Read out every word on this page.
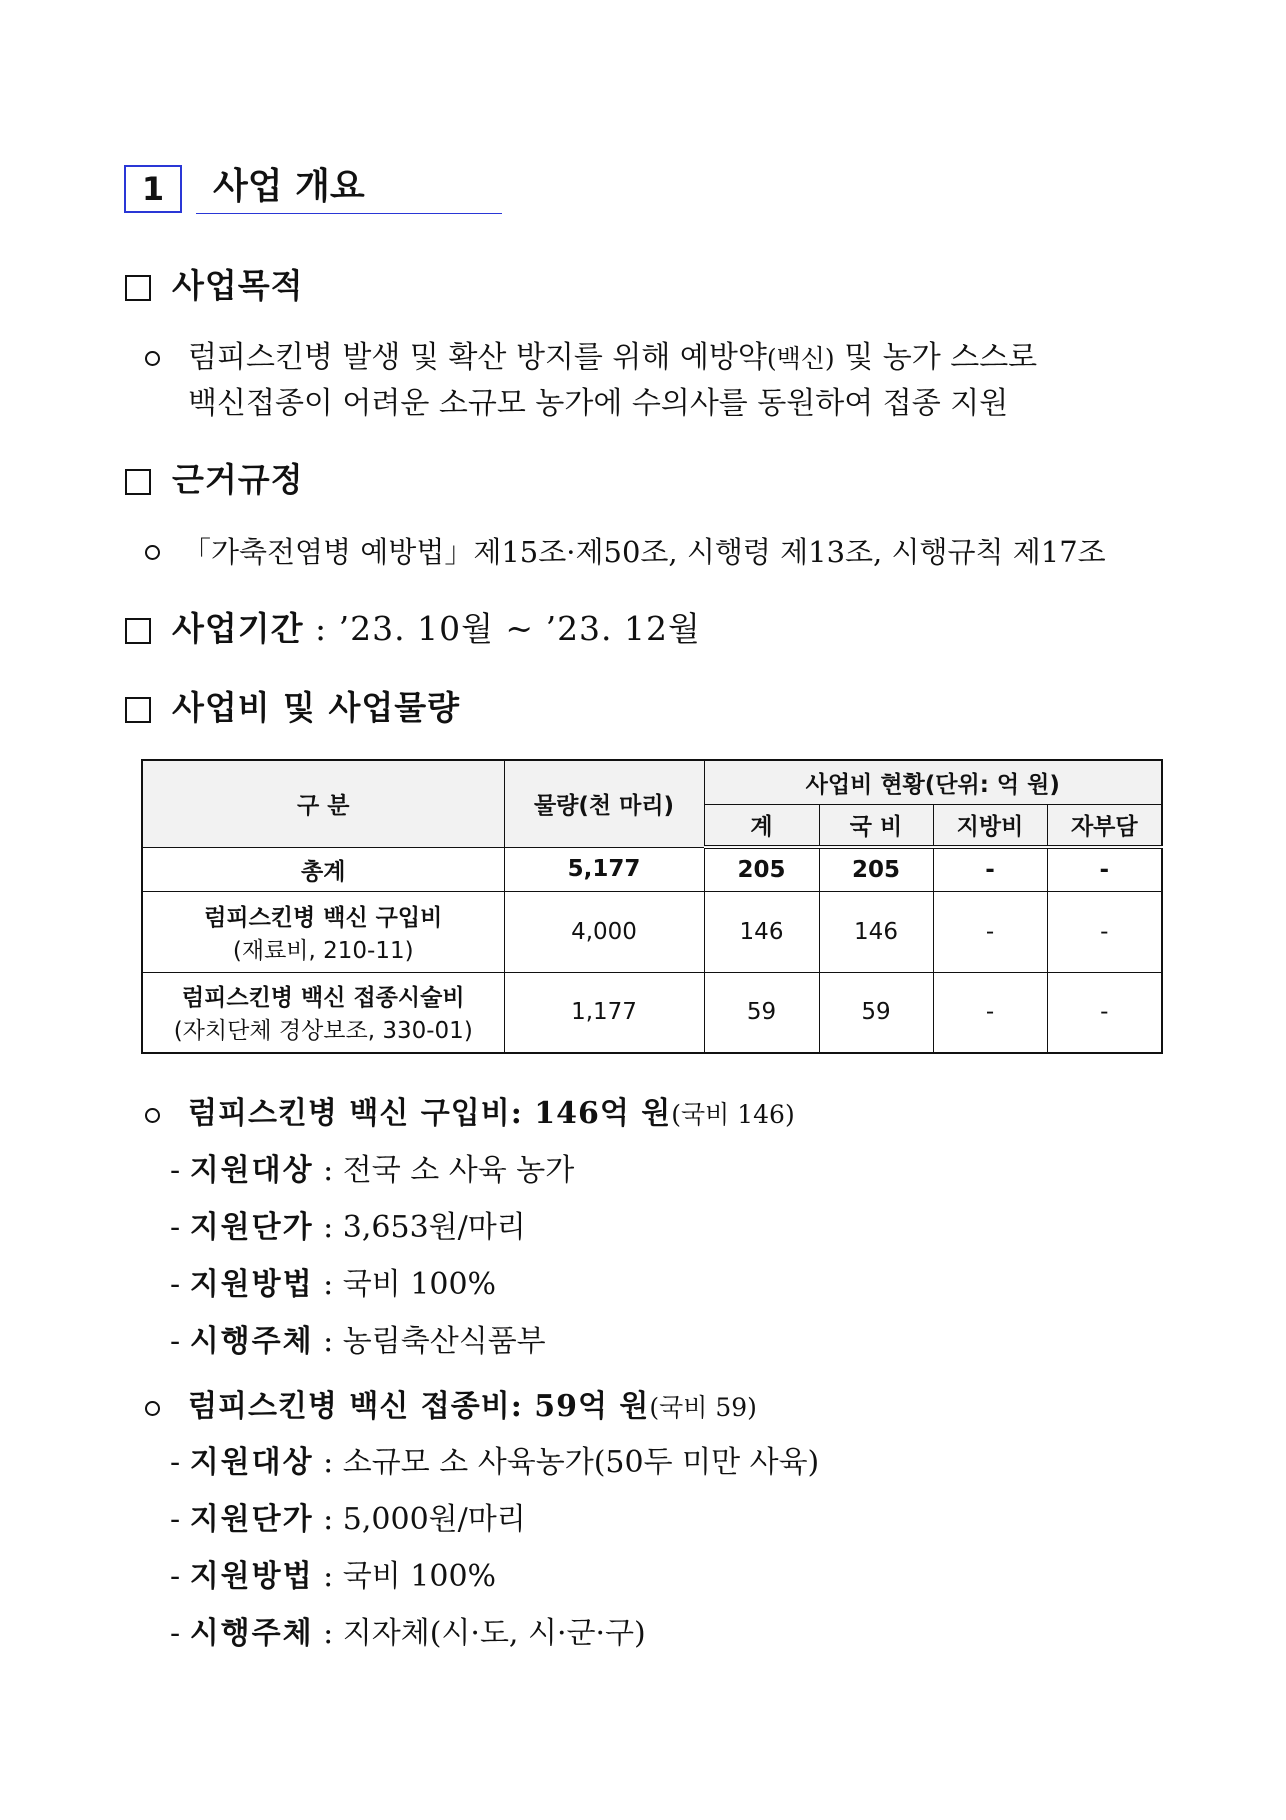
1	사업 개요
사업목적
럼피스킨병 발생 및 확산 방지를 위해 예방약(백신) 및 농가 스스로
백신접종이 어려운 소규모 농가에 수의사를 동원하여 접종 지원
근거규정
「가축전염병 예방법」제15조·제50조, 시행령 제13조, 시행규칙 제17조
사업기간 : ’23. 10월 ~ ’23. 12월
사업비 및 사업물량
구 분	물량(천 마리)	사업비 현황(단위: 억 원)			
		계	국 비	지방비	자부담
총계	5,177	205	205	-	-

럼피스킨병 백신 구입비
(재료비, 210-11)	4,000	146	146	-	-

럼피스킨병 백신 접종시술비
(자치단체 경상보조, 330-01)	1,177	59	59	-	-
럼피스킨병 백신 구입비: 146억 원(국비 146)
- 지원대상 : 전국 소 사육 농가
- 지원단가 : 3,653원/마리
- 지원방법 : 국비 100%
- 시행주체 : 농림축산식품부
럼피스킨병 백신 접종비: 59억 원(국비 59)
- 지원대상 : 소규모 소 사육농가(50두 미만 사육)
- 지원단가 : 5,000원/마리
- 지원방법 : 국비 100%
- 시행주체 : 지자체(시·도, 시·군·구)
